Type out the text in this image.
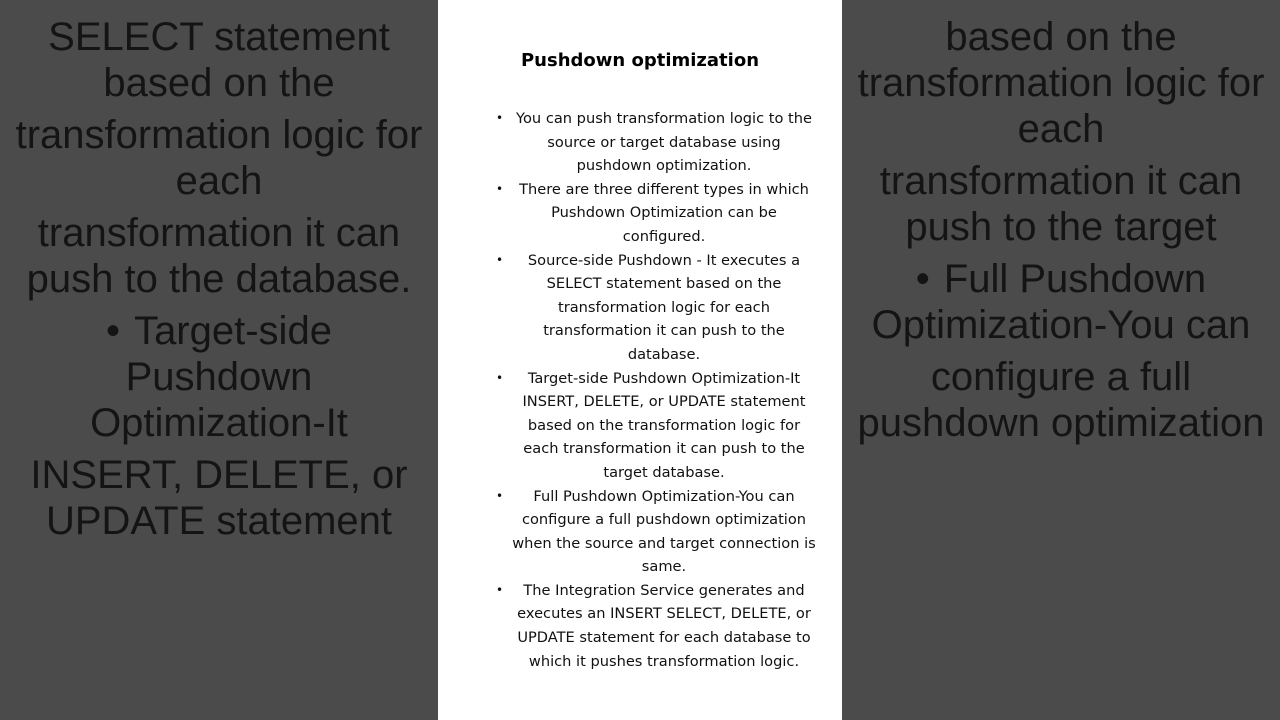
SELECT statement based on the
transformation logic for each
transformation it can push to the database.
• Target-side Pushdown Optimization-It
INSERT, DELETE, or UPDATE statement
based on the transformation logic for each
transformation it can push to the target
• Full Pushdown Optimization-You can
configure a full pushdown optimization
Pushdown optimization
• You can push transformation logic to the source or target database using pushdown optimization.
• There are three different types in which Pushdown Optimization can be configured.
• Source-side Pushdown - It executes a SELECT statement based on the transformation logic for each transformation it can push to the database.
• Target-side Pushdown Optimization-It INSERT, DELETE, or UPDATE statement based on the transformation logic for each transformation it can push to the target database.
• Full Pushdown Optimization-You can configure a full pushdown optimization when the source and target connection is same.
• The Integration Service generates and executes an INSERT SELECT, DELETE, or UPDATE statement for each database to which it pushes transformation logic.
